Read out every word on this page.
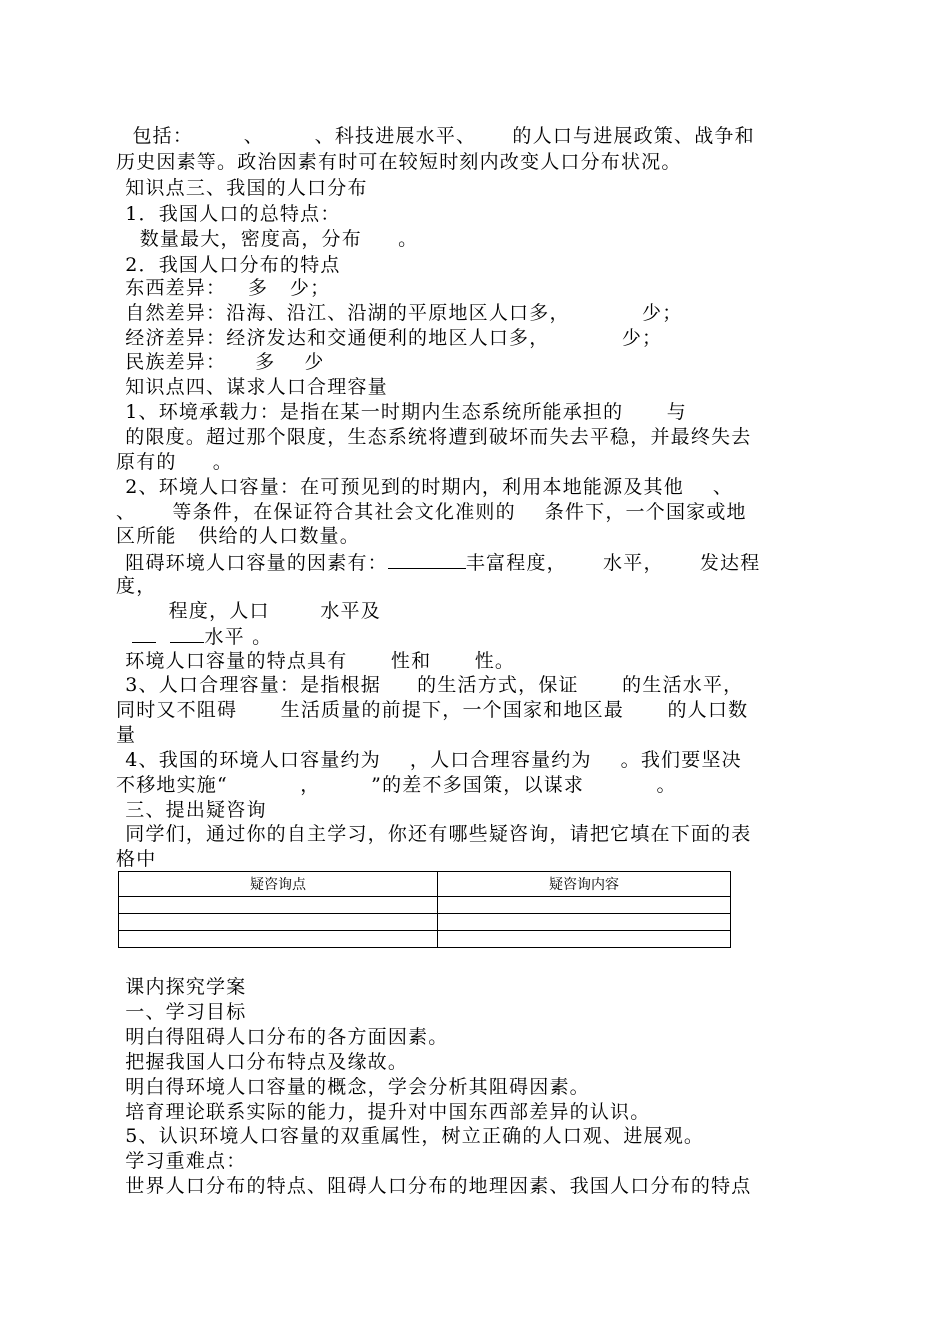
包括：       、       、科技进展水平、     的人口与进展政策、战争和
历史因素等。政治因素有时可在较短时刻内改变人口分布状况。
知识点三、我国的人口分布
1．我国人口的总特点：
数量最大，密度高，分布     。
2．我国人口分布的特点
东西差异：   多   少；
自然差异：沿海、沿江、沿湖的平原地区人口多，          少；
经济差异：经济发达和交通便利的地区人口多，          少；
民族差异：    多    少
知识点四、谋求人口合理容量
1、环境承载力：是指在某一时期内生态系统所能承担的      与
的限度。超过那个限度，生态系统将遭到破坏而失去平稳，并最终失去
原有的     。
2、环境人口容量：在可预见到的时期内，利用本地能源及其他    、
、     等条件，在保证符合其社会文化准则的    条件下，一个国家或地
区所能   供给的人口数量。
阻碍环境人口容量的因素有：	丰富程度，     水平，     发达程
度，
程度，人口       水平及
水平 。
环境人口容量的特点具有      性和      性。
3、人口合理容量：是指根据     的生活方式，保证      的生活水平，
同时又不阻碍      生活质量的前提下，一个国家和地区最      的人口数
量
4、我国的环境人口容量约为    ，人口合理容量约为    。我们要坚决
不移地实施“          ，       ”的差不多国策，以谋求          。
三、提出疑咨询
同学们，通过你的自主学习，你还有哪些疑咨询，请把它填在下面的表
格中
疑咨询点	疑咨询内容

课内探究学案
一、学习目标
明白得阻碍人口分布的各方面因素。
把握我国人口分布特点及缘故。
明白得环境人口容量的概念，学会分析其阻碍因素。
培育理论联系实际的能力，提升对中国东西部差异的认识。
5、认识环境人口容量的双重属性，树立正确的人口观、进展观。
学习重难点：
世界人口分布的特点、阻碍人口分布的地理因素、我国人口分布的特点
